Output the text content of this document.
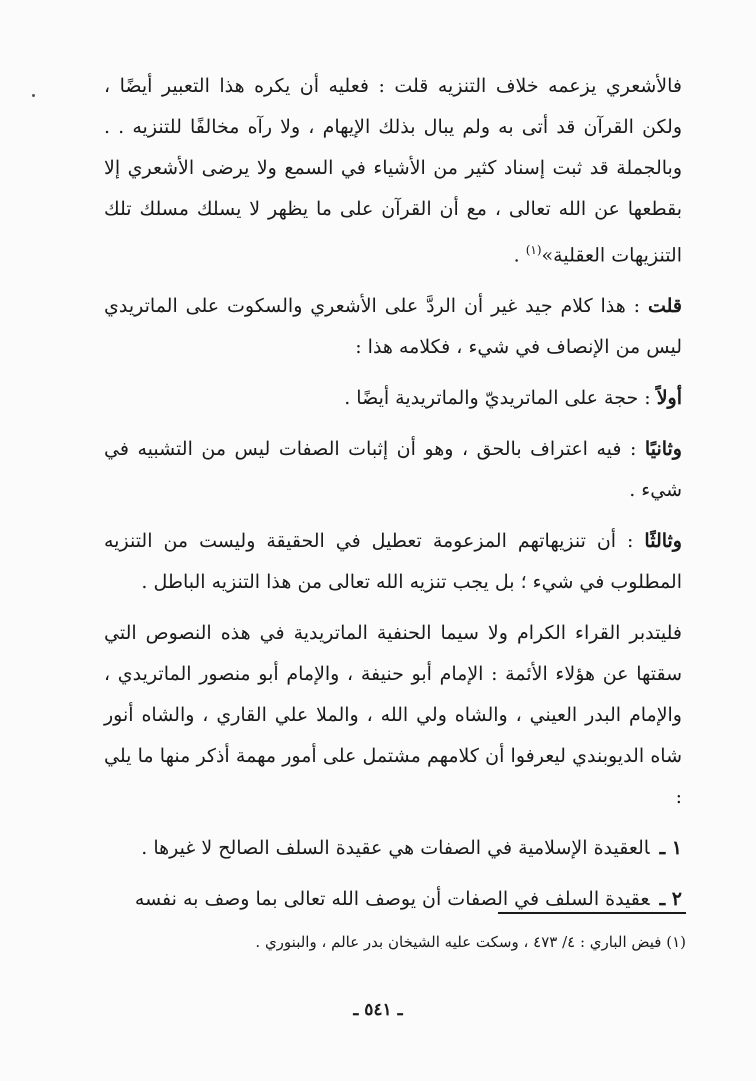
فالأشعري يزعمه خلاف التنزيه قلت : فعليه أن يكره هذا التعبير أيضًا ، ولكن القرآن قد أتى به ولم يبال بذلك الإيهام ، ولا رآه مخالفًا للتنزيه . . وبالجملة قد ثبت إسناد كثير من الأشياء في السمع ولا يرضى الأشعري إلا بقطعها عن الله تعالى ، مع أن القرآن على ما يظهر لا يسلك مسلك تلك التنزيهات العقلية»$^{(١)}$ .

قلت : هذا كلام جيد غير أن الردَّ على الأشعري والسكوت على الماتريدي ليس من الإنصاف في شيء ، فكلامه هذا :

أولاً : حجة على الماتريديّ والماتريدية أيضًا .

وثانيًا : فيه اعتراف بالحق ، وهو أن إثبات الصفات ليس من التشبيه في شيء .

وثالثًا : أن تنزيهاتهم المزعومة تعطيل في الحقيقة وليست من التنزيه المطلوب في شيء ؛ بل يجب تنزيه الله تعالى من هذا التنزيه الباطل .

فليتدبر القراء الكرام ولا سيما الحنفية الماتريدية في هذه النصوص التي سقتها عن هؤلاء الأئمة : الإمام أبو حنيفة ، والإمام أبو منصور الماتريدي ، والإمام البدر العيني ، والشاه ولي الله ، والملا علي القاري ، والشاه أنور شاه الديوبندي ليعرفوا أن كلامهم مشتمل على أمور مهمة أذكر منها ما يلي :

١ ـالعقيدة الإسلامية في الصفات هي عقيدة السلف الصالح لا غيرها .

٢ ـعقيدة السلف في الصفات أن يوصف الله تعالى بما وصف به نفسه

(١) فيض الباري : ٤/ ٤٧٣ ، وسكت عليه الشيخان بدر عالم ، والبنوري .
ـ ٥٤١ ـ
